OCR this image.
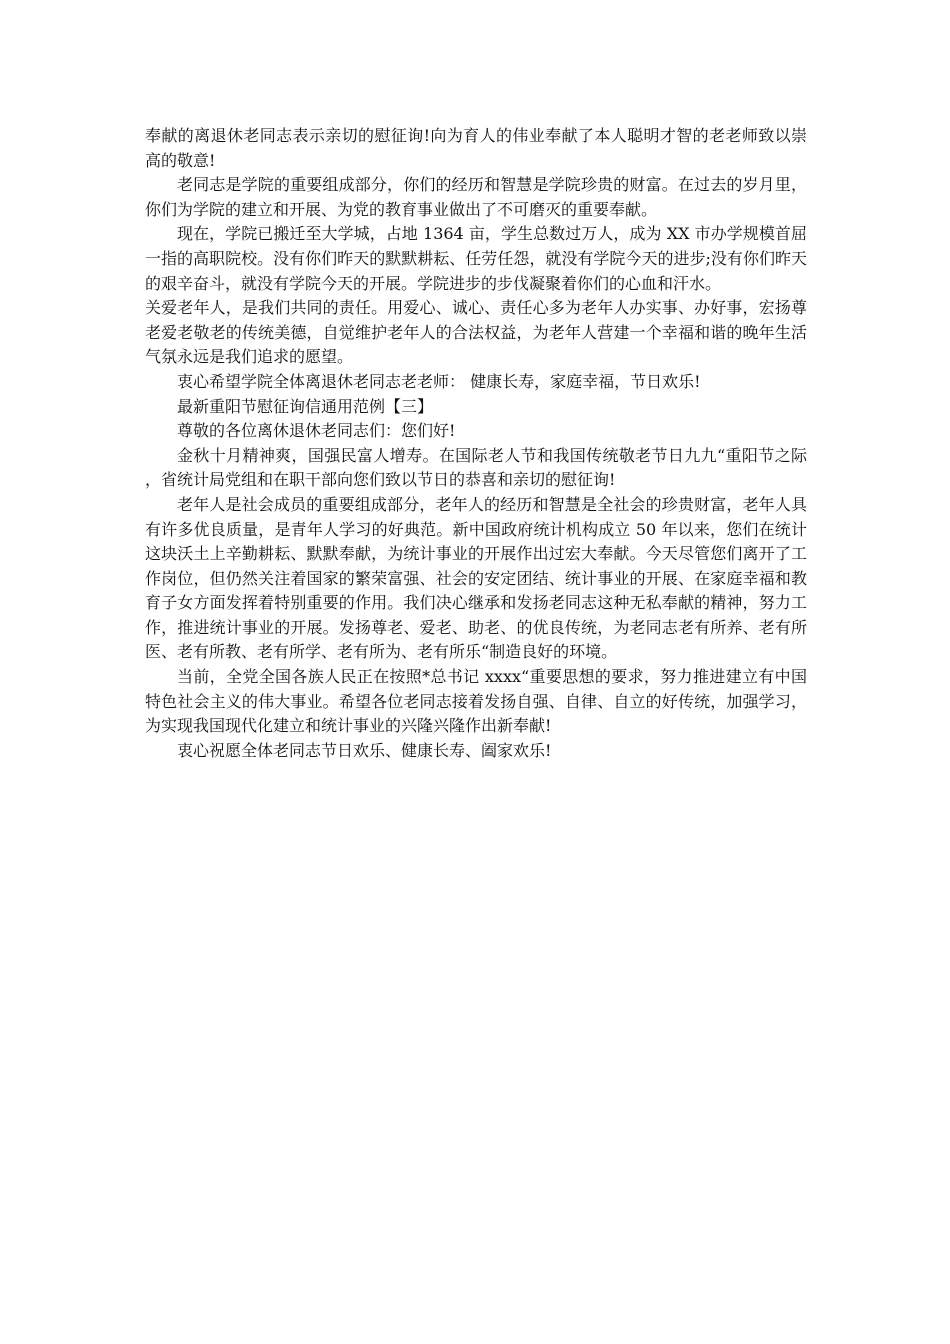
奉献的离退休老同志表示亲切的慰征询!向为育人的伟业奉献了本人聪明才智的老老师致以崇高的敬意!

老同志是学院的重要组成部分，你们的经历和智慧是学院珍贵的财富。在过去的岁月里，你们为学院的建立和开展、为党的教育事业做出了不可磨灭的重要奉献。

现在，学院已搬迁至大学城，占地 1364 亩，学生总数过万人，成为 XX 市办学规模首屈一指的高职院校。没有你们昨天的默默耕耘、任劳任怨，就没有学院今天的进步;没有你们昨天的艰辛奋斗，就没有学院今天的开展。学院进步的步伐凝聚着你们的心血和汗水。

关爱老年人，是我们共同的责任。用爱心、诚心、责任心多为老年人办实事、办好事，宏扬尊老爱老敬老的传统美德，自觉维护老年人的合法权益，为老年人营建一个幸福和谐的晚年生活气氛永远是我们追求的愿望。

衷心希望学院全体离退休老同志老老师： 健康长寿，家庭幸福，节日欢乐!

最新重阳节慰征询信通用范例【三】

尊敬的各位离休退休老同志们：您们好!

金秋十月精神爽，国强民富人增寿。在国际老人节和我国传统敬老节日九九“重阳节之际，省统计局党组和在职干部向您们致以节日的恭喜和亲切的慰征询!

老年人是社会成员的重要组成部分，老年人的经历和智慧是全社会的珍贵财富，老年人具有许多优良质量，是青年人学习的好典范。新中国政府统计机构成立 50 年以来，您们在统计这块沃土上辛勤耕耘、默默奉献，为统计事业的开展作出过宏大奉献。今天尽管您们离开了工作岗位，但仍然关注着国家的繁荣富强、社会的安定团结、统计事业的开展、在家庭幸福和教育子女方面发挥着特别重要的作用。我们决心继承和发扬老同志这种无私奉献的精神，努力工作，推进统计事业的开展。发扬尊老、爱老、助老、的优良传统，为老同志老有所养、老有所医、老有所教、老有所学、老有所为、老有所乐“制造良好的环境。

当前，全党全国各族人民正在按照*总书记 xxxx“重要思想的要求，努力推进建立有中国特色社会主义的伟大事业。希望各位老同志接着发扬自强、自律、自立的好传统，加强学习，为实现我国现代化建立和统计事业的兴隆兴隆作出新奉献!

衷心祝愿全体老同志节日欢乐、健康长寿、阖家欢乐!
